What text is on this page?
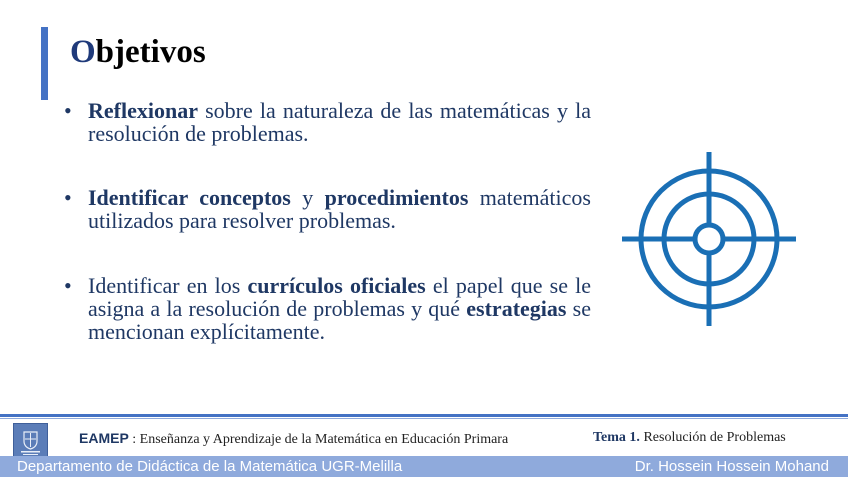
Objetivos
• Reflexionar sobre la naturaleza de las matemáticas y la resolución de problemas.
• Identificar conceptos y procedimientos matemáticos utilizados para resolver problemas.
• Identificar en los currículos oficiales el papel que se le asigna a la resolución de problemas y qué estrategias se mencionan explícitamente.
EAMEP : Enseñanza y Aprendizaje de la Matemática en Educación Primara	Tema 1. Resolución de Problemas
Departamento de Didáctica de la Matemática UGR-Melilla	Dr. Hossein Hossein Mohand
